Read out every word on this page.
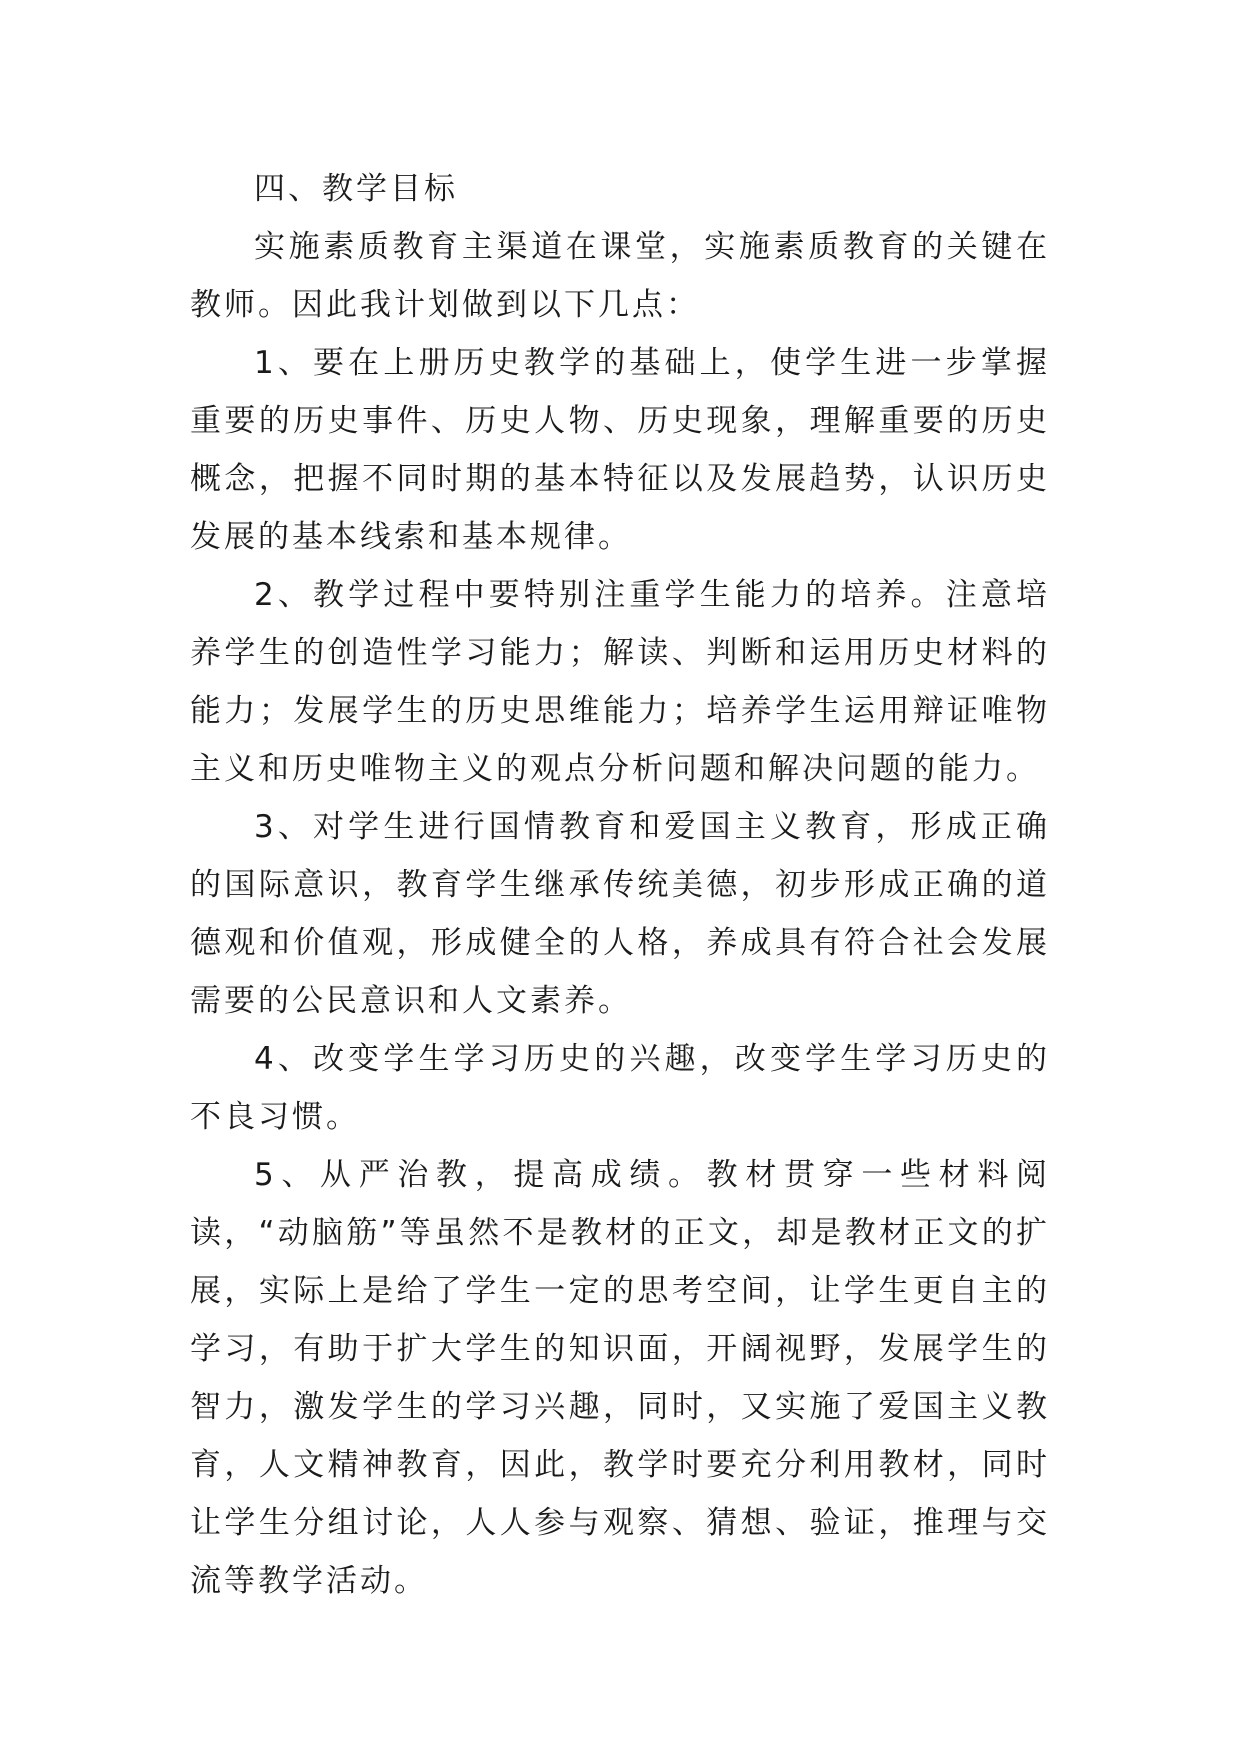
四、教学目标

实施素质教育主渠道在课堂，实施素质教育的关键在教师。因此我计划做到以下几点：

1、要在上册历史教学的基础上，使学生进一步掌握重要的历史事件、历史人物、历史现象，理解重要的历史概念，把握不同时期的基本特征以及发展趋势，认识历史发展的基本线索和基本规律。

2、教学过程中要特别注重学生能力的培养。注意培养学生的创造性学习能力；解读、判断和运用历史材料的能力；发展学生的历史思维能力；培养学生运用辩证唯物主义和历史唯物主义的观点分析问题和解决问题的能力。

3、对学生进行国情教育和爱国主义教育，形成正确的国际意识，教育学生继承传统美德，初步形成正确的道德观和价值观，形成健全的人格，养成具有符合社会发展需要的公民意识和人文素养。

4、改变学生学习历史的兴趣，改变学生学习历史的不良习惯。

5、从严治教，提高成绩。教材贯穿一些材料阅读，“动脑筋”等虽然不是教材的正文，却是教材正文的扩展，实际上是给了学生一定的思考空间，让学生更自主的学习，有助于扩大学生的知识面，开阔视野，发展学生的智力，激发学生的学习兴趣，同时，又实施了爱国主义教育，人文精神教育，因此，教学时要充分利用教材，同时让学生分组讨论，人人参与观察、猜想、验证，推理与交流等教学活动。
